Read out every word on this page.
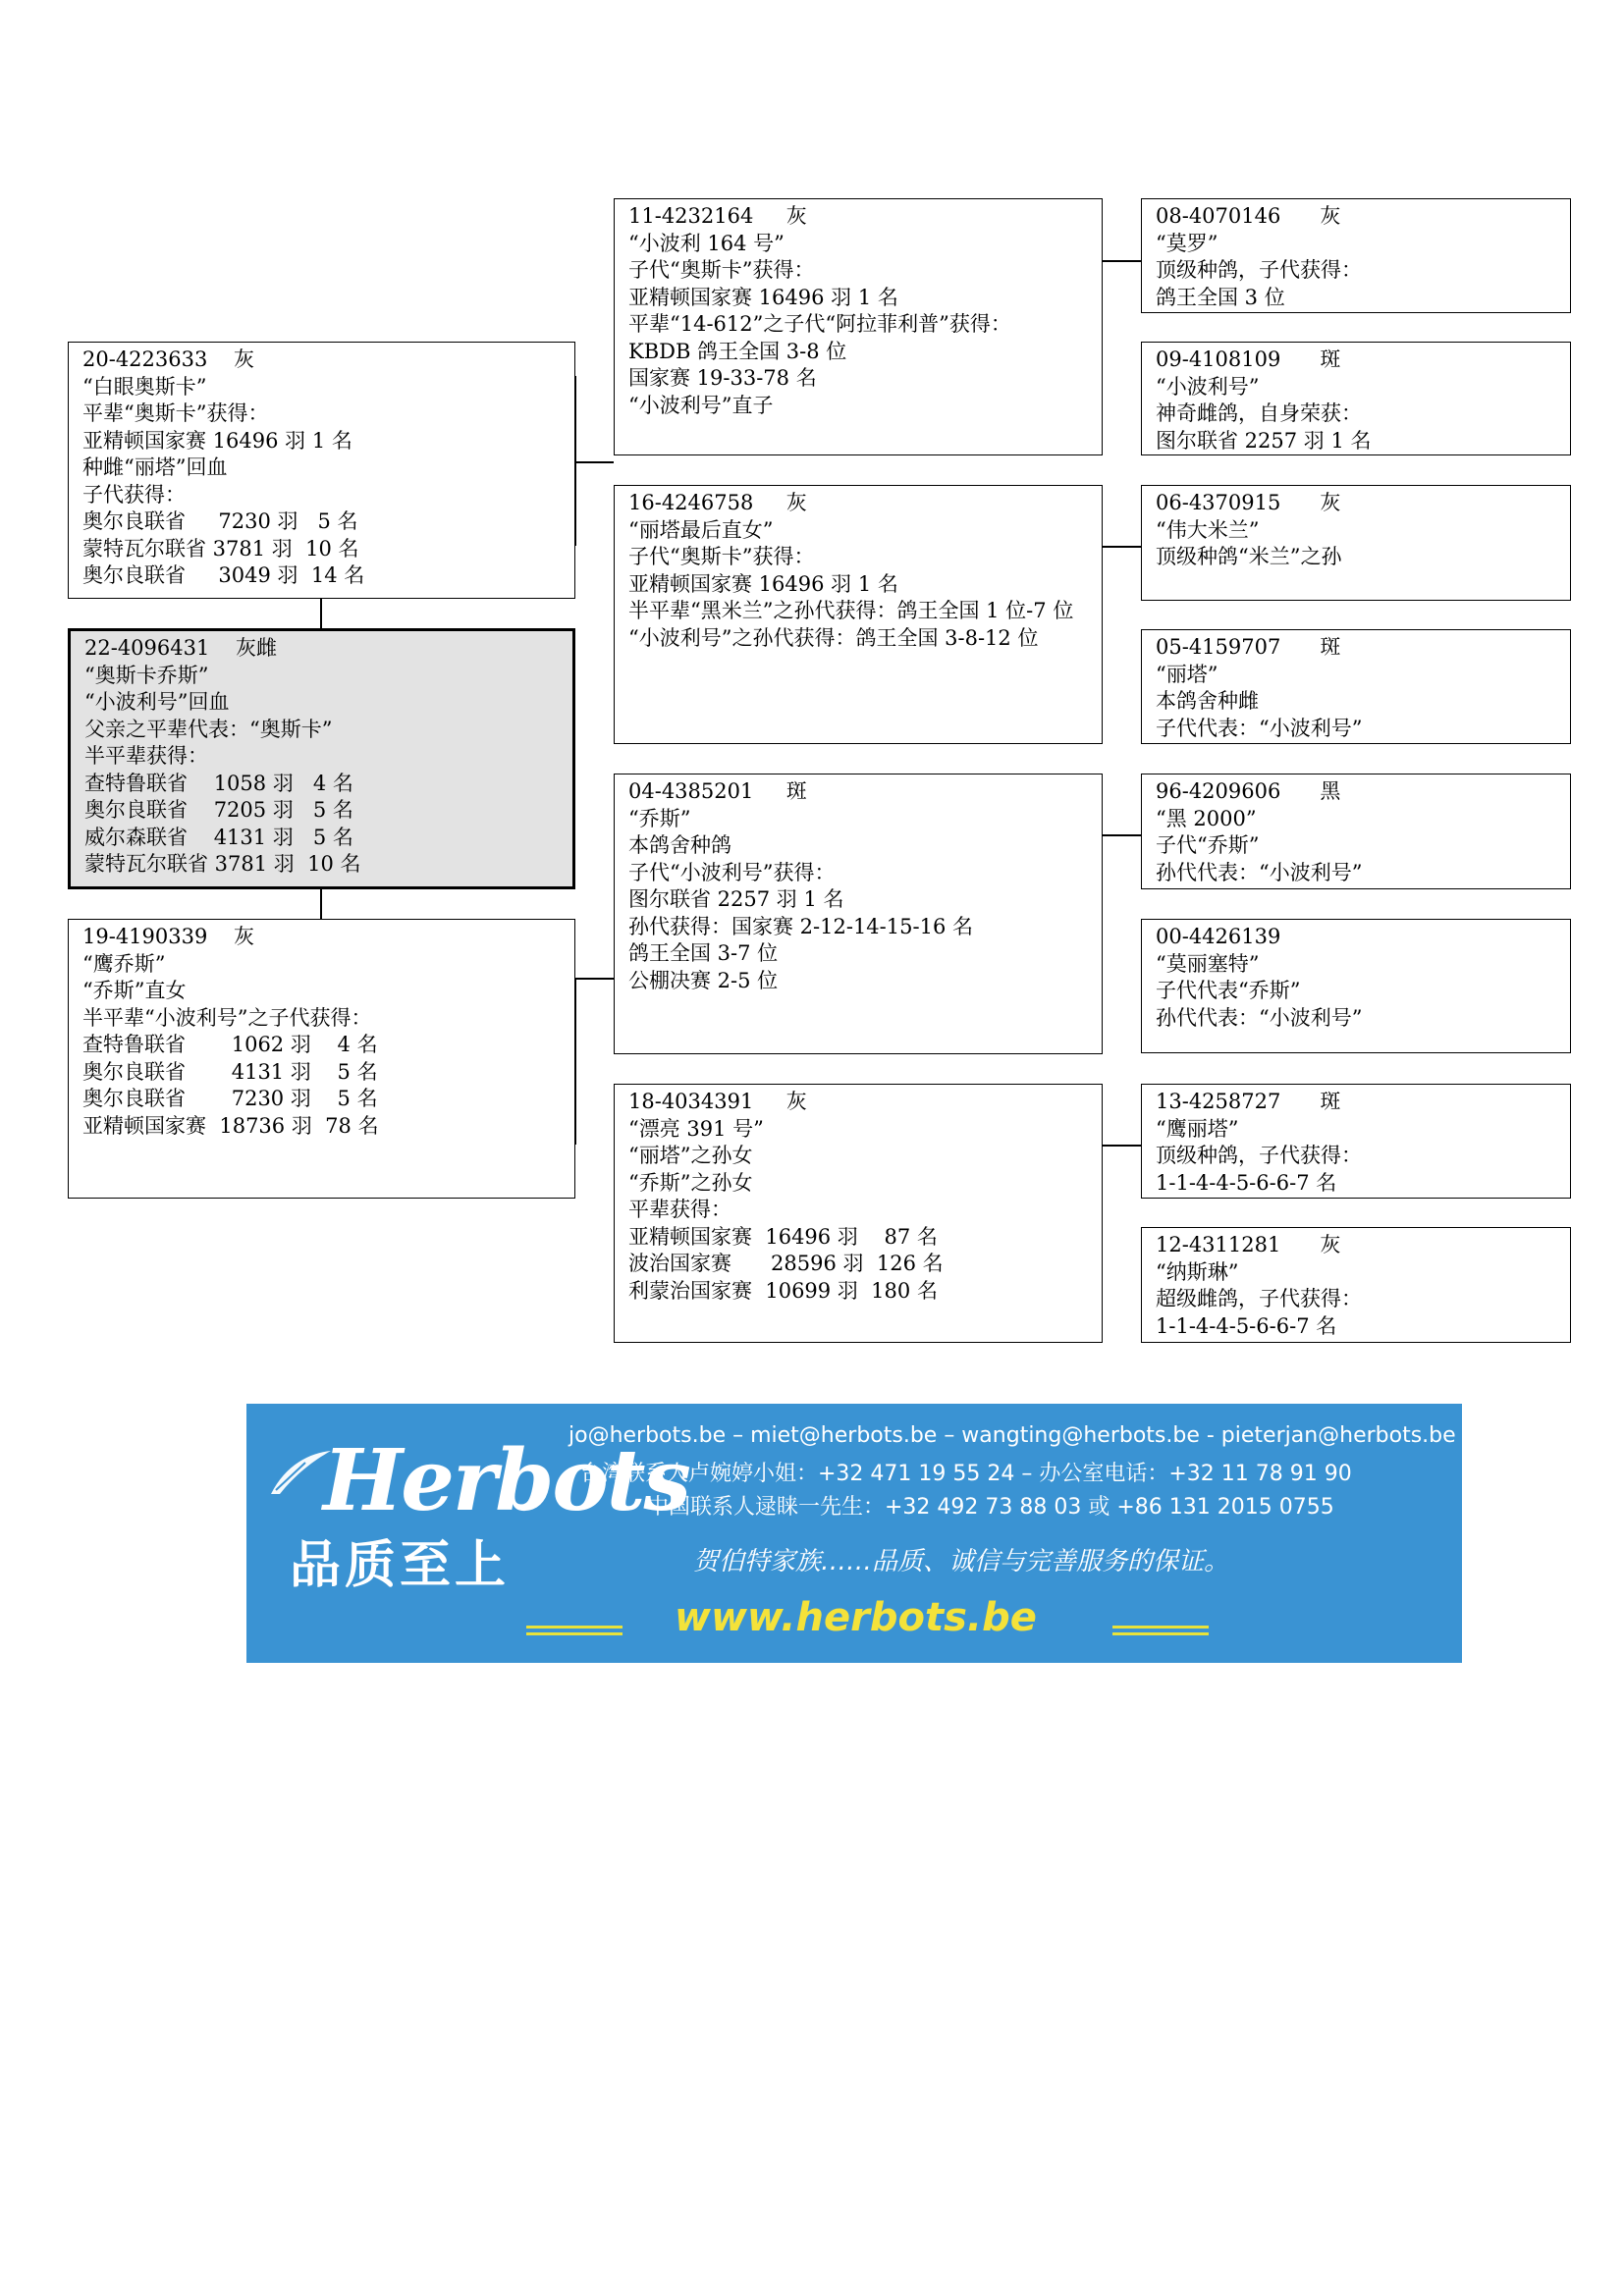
20-4223633    灰
“白眼奥斯卡”
平辈“奥斯卡”获得：
亚精顿国家赛 16496 羽 1 名
种雌“丽塔”回血
子代获得：
奥尔良联省     7230 羽   5 名
蒙特瓦尔联省 3781 羽  10 名
奥尔良联省     3049 羽  14 名
22-4096431    灰雌
“奥斯卡乔斯”
“小波利号”回血
父亲之平辈代表：“奥斯卡”
半平辈获得：
查特鲁联省    1058 羽   4 名
奥尔良联省    7205 羽   5 名
威尔森联省    4131 羽   5 名
蒙特瓦尔联省 3781 羽  10 名
19-4190339    灰
“鹰乔斯”
“乔斯”直女
半平辈“小波利号”之子代获得：
查特鲁联省       1062 羽    4 名
奥尔良联省       4131 羽    5 名
奥尔良联省       7230 羽    5 名
亚精顿国家赛  18736 羽  78 名
11-4232164     灰
“小波利 164 号”
子代“奥斯卡”获得：
亚精顿国家赛 16496 羽 1 名
平辈“14-612”之子代“阿拉菲利普”获得：
KBDB 鸽王全国 3-8 位
国家赛 19-33-78 名
“小波利号”直子
16-4246758     灰
“丽塔最后直女”
子代“奥斯卡”获得：
亚精顿国家赛 16496 羽 1 名
半平辈“黑米兰”之孙代获得：鸽王全国 1 位-7 位
“小波利号”之孙代获得：鸽王全国 3-8-12 位
04-4385201     斑
“乔斯”
本鸽舍种鸽
子代“小波利号”获得：
图尔联省 2257 羽 1 名
孙代获得：国家赛 2-12-14-15-16 名
鸽王全国 3-7 位
公棚决赛 2-5 位
18-4034391     灰
“漂亮 391 号”
“丽塔”之孙女
“乔斯”之孙女
平辈获得：
亚精顿国家赛  16496 羽    87 名
波治国家赛      28596 羽  126 名
利蒙治国家赛  10699 羽  180 名
08-4070146      灰
“莫罗”
顶级种鸽，子代获得：
鸽王全国 3 位
09-4108109      斑
“小波利号”
神奇雌鸽，自身荣获：
图尔联省 2257 羽 1 名
06-4370915      灰
“伟大米兰”
顶级种鸽“米兰”之孙
05-4159707      斑
“丽塔”
本鸽舍种雌
子代代表：“小波利号”
96-4209606      黑
“黑 2000”
子代“乔斯”
孙代代表：“小波利号”
00-4426139
“莫丽塞特”
子代代表“乔斯”
孙代代表：“小波利号”
13-4258727      斑
“鹰丽塔”
顶级种鸽，子代获得：
1-1-4-4-5-6-6-7 名
12-4311281      灰
“纳斯琳”
超级雌鸽，子代获得：
1-1-4-4-5-6-6-7 名
Herbots
品质至上
jo@herbots.be – miet@herbots.be – wangting@herbots.be - pieterjan@herbots.be
台湾联系人卢婉婷小姐：+32 471 19 55 24 – 办公室电话：+32 11 78 91 90
中国联系人逯睐一先生：+32 492 73 88 03 或 +86 131 2015 0755
贺伯特家族……品质、诚信与完善服务的保证。
www.herbots.be
